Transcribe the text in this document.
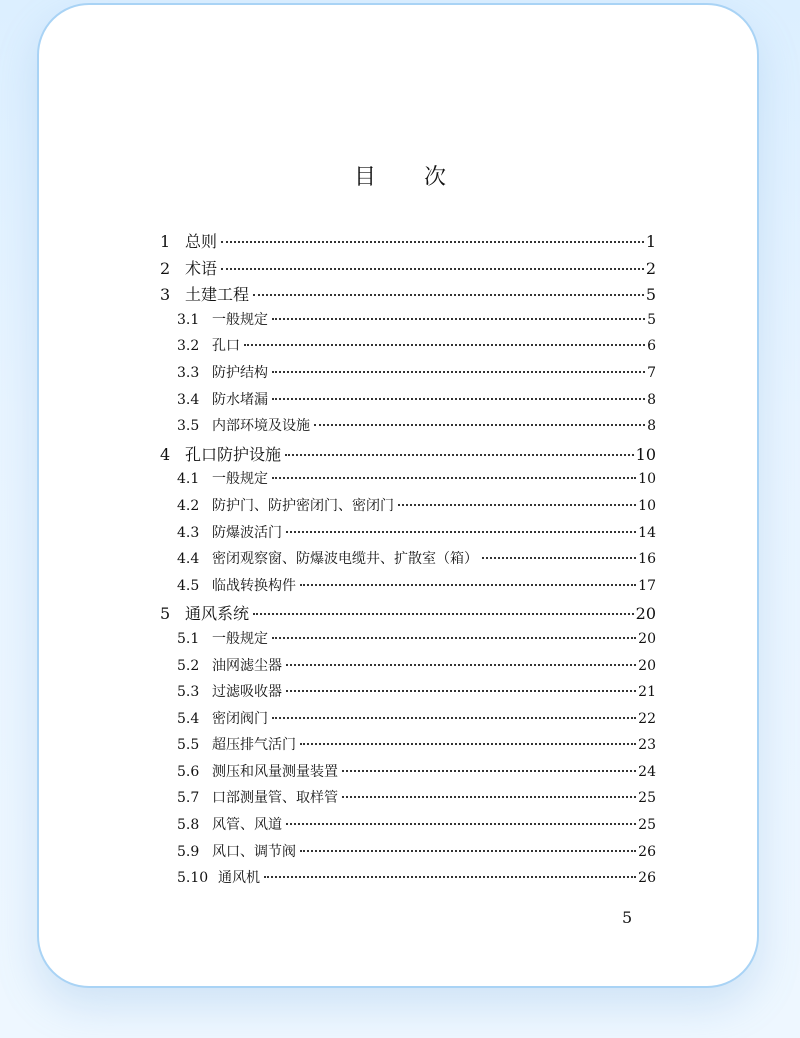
目 次
1 总则	1
2 术语	2
3 土建工程	5
3.1 一般规定	5
3.2 孔口	6
3.3 防护结构	7
3.4 防水堵漏	8
3.5 内部环境及设施	8
4 孔口防护设施	10
4.1 一般规定	10
4.2 防护门、防护密闭门、密闭门	10
4.3 防爆波活门	14
4.4 密闭观察窗、防爆波电缆井、扩散室（箱）	16
4.5 临战转换构件	17
5 通风系统	20
5.1 一般规定	20
5.2 油网滤尘器	20
5.3 过滤吸收器	21
5.4 密闭阀门	22
5.5 超压排气活门	23
5.6 测压和风量测量装置	24
5.7 口部测量管、取样管	25
5.8 风管、风道	25
5.9 风口、调节阀	26
5.10 通风机	26
5
